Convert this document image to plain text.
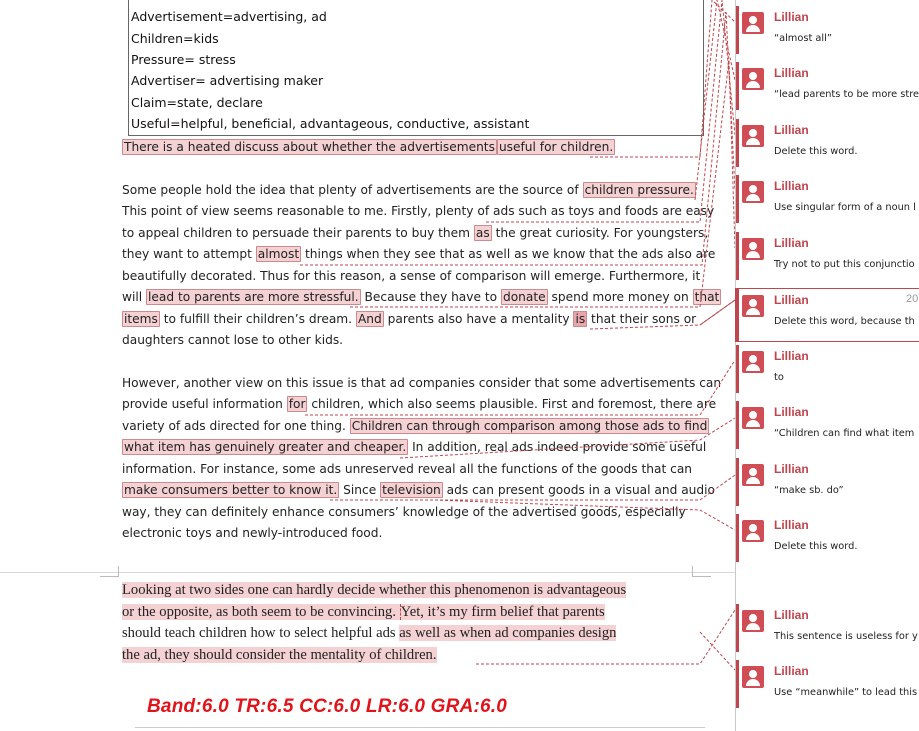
Advertisement=advertising, ad
Children=kids
Pressure= stress
Advertiser= advertising maker
Claim=state, declare
Useful=helpful, beneficial, advantageous, conductive, assistant
There is a heated discuss about whether the advertisements useful for children.
Some people hold the idea that plenty of advertisements are the source of children pressure.
This point of view seems reasonable to me. Firstly, plenty of ads such as toys and foods are easy
to appeal children to persuade their parents to buy them as the great curiosity. For youngsters,
they want to attempt almost things when they see that as well as we know that the ads also are
beautifully decorated. Thus for this reason, a sense of comparison will emerge. Furthermore, it
will lead to parents are more stressful. Because they have to donate spend more money on that
items to fulfill their children’s dream. And parents also have a mentality is that their sons or
daughters cannot lose to other kids.
However, another view on this issue is that ad companies consider that some advertisements can
provide useful information for children, which also seems plausible. First and foremost, there are
variety of ads directed for one thing. Children can through comparison among those ads to find
what item has genuinely greater and cheaper. In addition, real ads indeed provide some useful
information. For instance, some ads unreserved reveal all the functions of the goods that can
make consumers better to know it. Since television ads can present goods in a visual and audio
way, they can definitely enhance consumers’ knowledge of the advertised goods, especially
electronic toys and newly-introduced food.
Looking at two sides one can hardly decide whether this phenomenon is advantageous
or the opposite, as both seem to be convincing. Yet, it’s my firm belief that parents
should teach children how to select helpful ads as well as when ad companies design
the ad, they should consider the mentality of children.
Band:6.0 TR:6.5 CC:6.0 LR:6.0 GRA:6.0
Lillian
“almost all”
Lillian
“lead parents to be more stre
Lillian
Delete this word.
Lillian
Use singular form of a noun l
Lillian
Try not to put this conjunctio
Lillian	20
Delete this word, because th
Lillian
to
Lillian
“Children can find what item
Lillian
“make sb. do”
Lillian
Delete this word.
Lillian
This sentence is useless for y
Lillian
Use “meanwhile” to lead this
